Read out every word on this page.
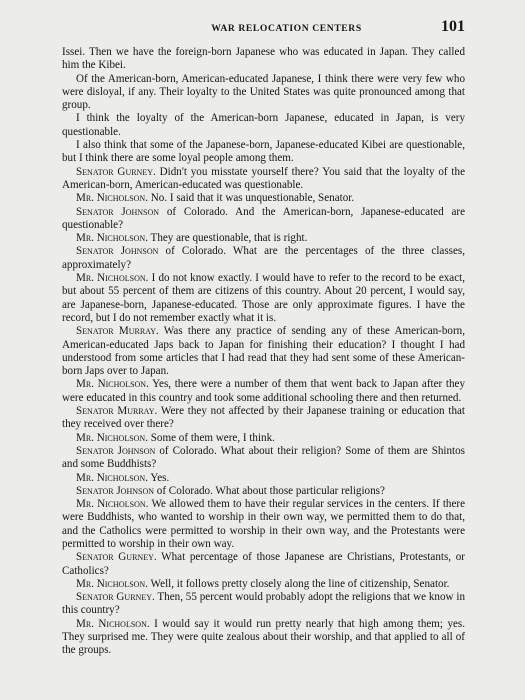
WAR RELOCATION CENTERS	101

Issei. Then we have the foreign-born Japanese who was educated in Japan. They called him the Kibei.

Of the American-born, American-educated Japanese, I think there were very few who were disloyal, if any. Their loyalty to the United States was quite pronounced among that group.

I think the loyalty of the American-born Japanese, educated in Japan, is very questionable.

I also think that some of the Japanese-born, Japanese-educated Kibei are questionable, but I think there are some loyal people among them.

Senator Gurney. Didn't you misstate yourself there? You said that the loyalty of the American-born, American-educated was questionable.

Mr. Nicholson. No. I said that it was unquestionable, Senator.

Senator Johnson of Colorado. And the American-born, Japanese-educated are questionable?

Mr. Nicholson. They are questionable, that is right.

Senator Johnson of Colorado. What are the percentages of the three classes, approximately?

Mr. Nicholson. I do not know exactly. I would have to refer to the record to be exact, but about 55 percent of them are citizens of this country. About 20 percent, I would say, are Japanese-born, Japanese-educated. Those are only approximate figures. I have the record, but I do not remember exactly what it is.

Senator Murray. Was there any practice of sending any of these American-born, American-educated Japs back to Japan for finishing their education? I thought I had understood from some articles that I had read that they had sent some of these American-born Japs over to Japan.

Mr. Nicholson. Yes, there were a number of them that went back to Japan after they were educated in this country and took some additional schooling there and then returned.

Senator Murray. Were they not affected by their Japanese training or education that they received over there?

Mr. Nicholson. Some of them were, I think.

Senator Johnson of Colorado. What about their religion? Some of them are Shintos and some Buddhists?

Mr. Nicholson. Yes.

Senator Johnson of Colorado. What about those particular religions?

Mr. Nicholson. We allowed them to have their regular services in the centers. If there were Buddhists, who wanted to worship in their own way, we permitted them to do that, and the Catholics were permitted to worship in their own way, and the Protestants were permitted to worship in their own way.

Senator Gurney. What percentage of those Japanese are Christians, Protestants, or Catholics?

Mr. Nicholson. Well, it follows pretty closely along the line of citizenship, Senator.

Senator Gurney. Then, 55 percent would probably adopt the religions that we know in this country?

Mr. Nicholson. I would say it would run pretty nearly that high among them; yes. They surprised me. They were quite zealous about their worship, and that applied to all of the groups.
